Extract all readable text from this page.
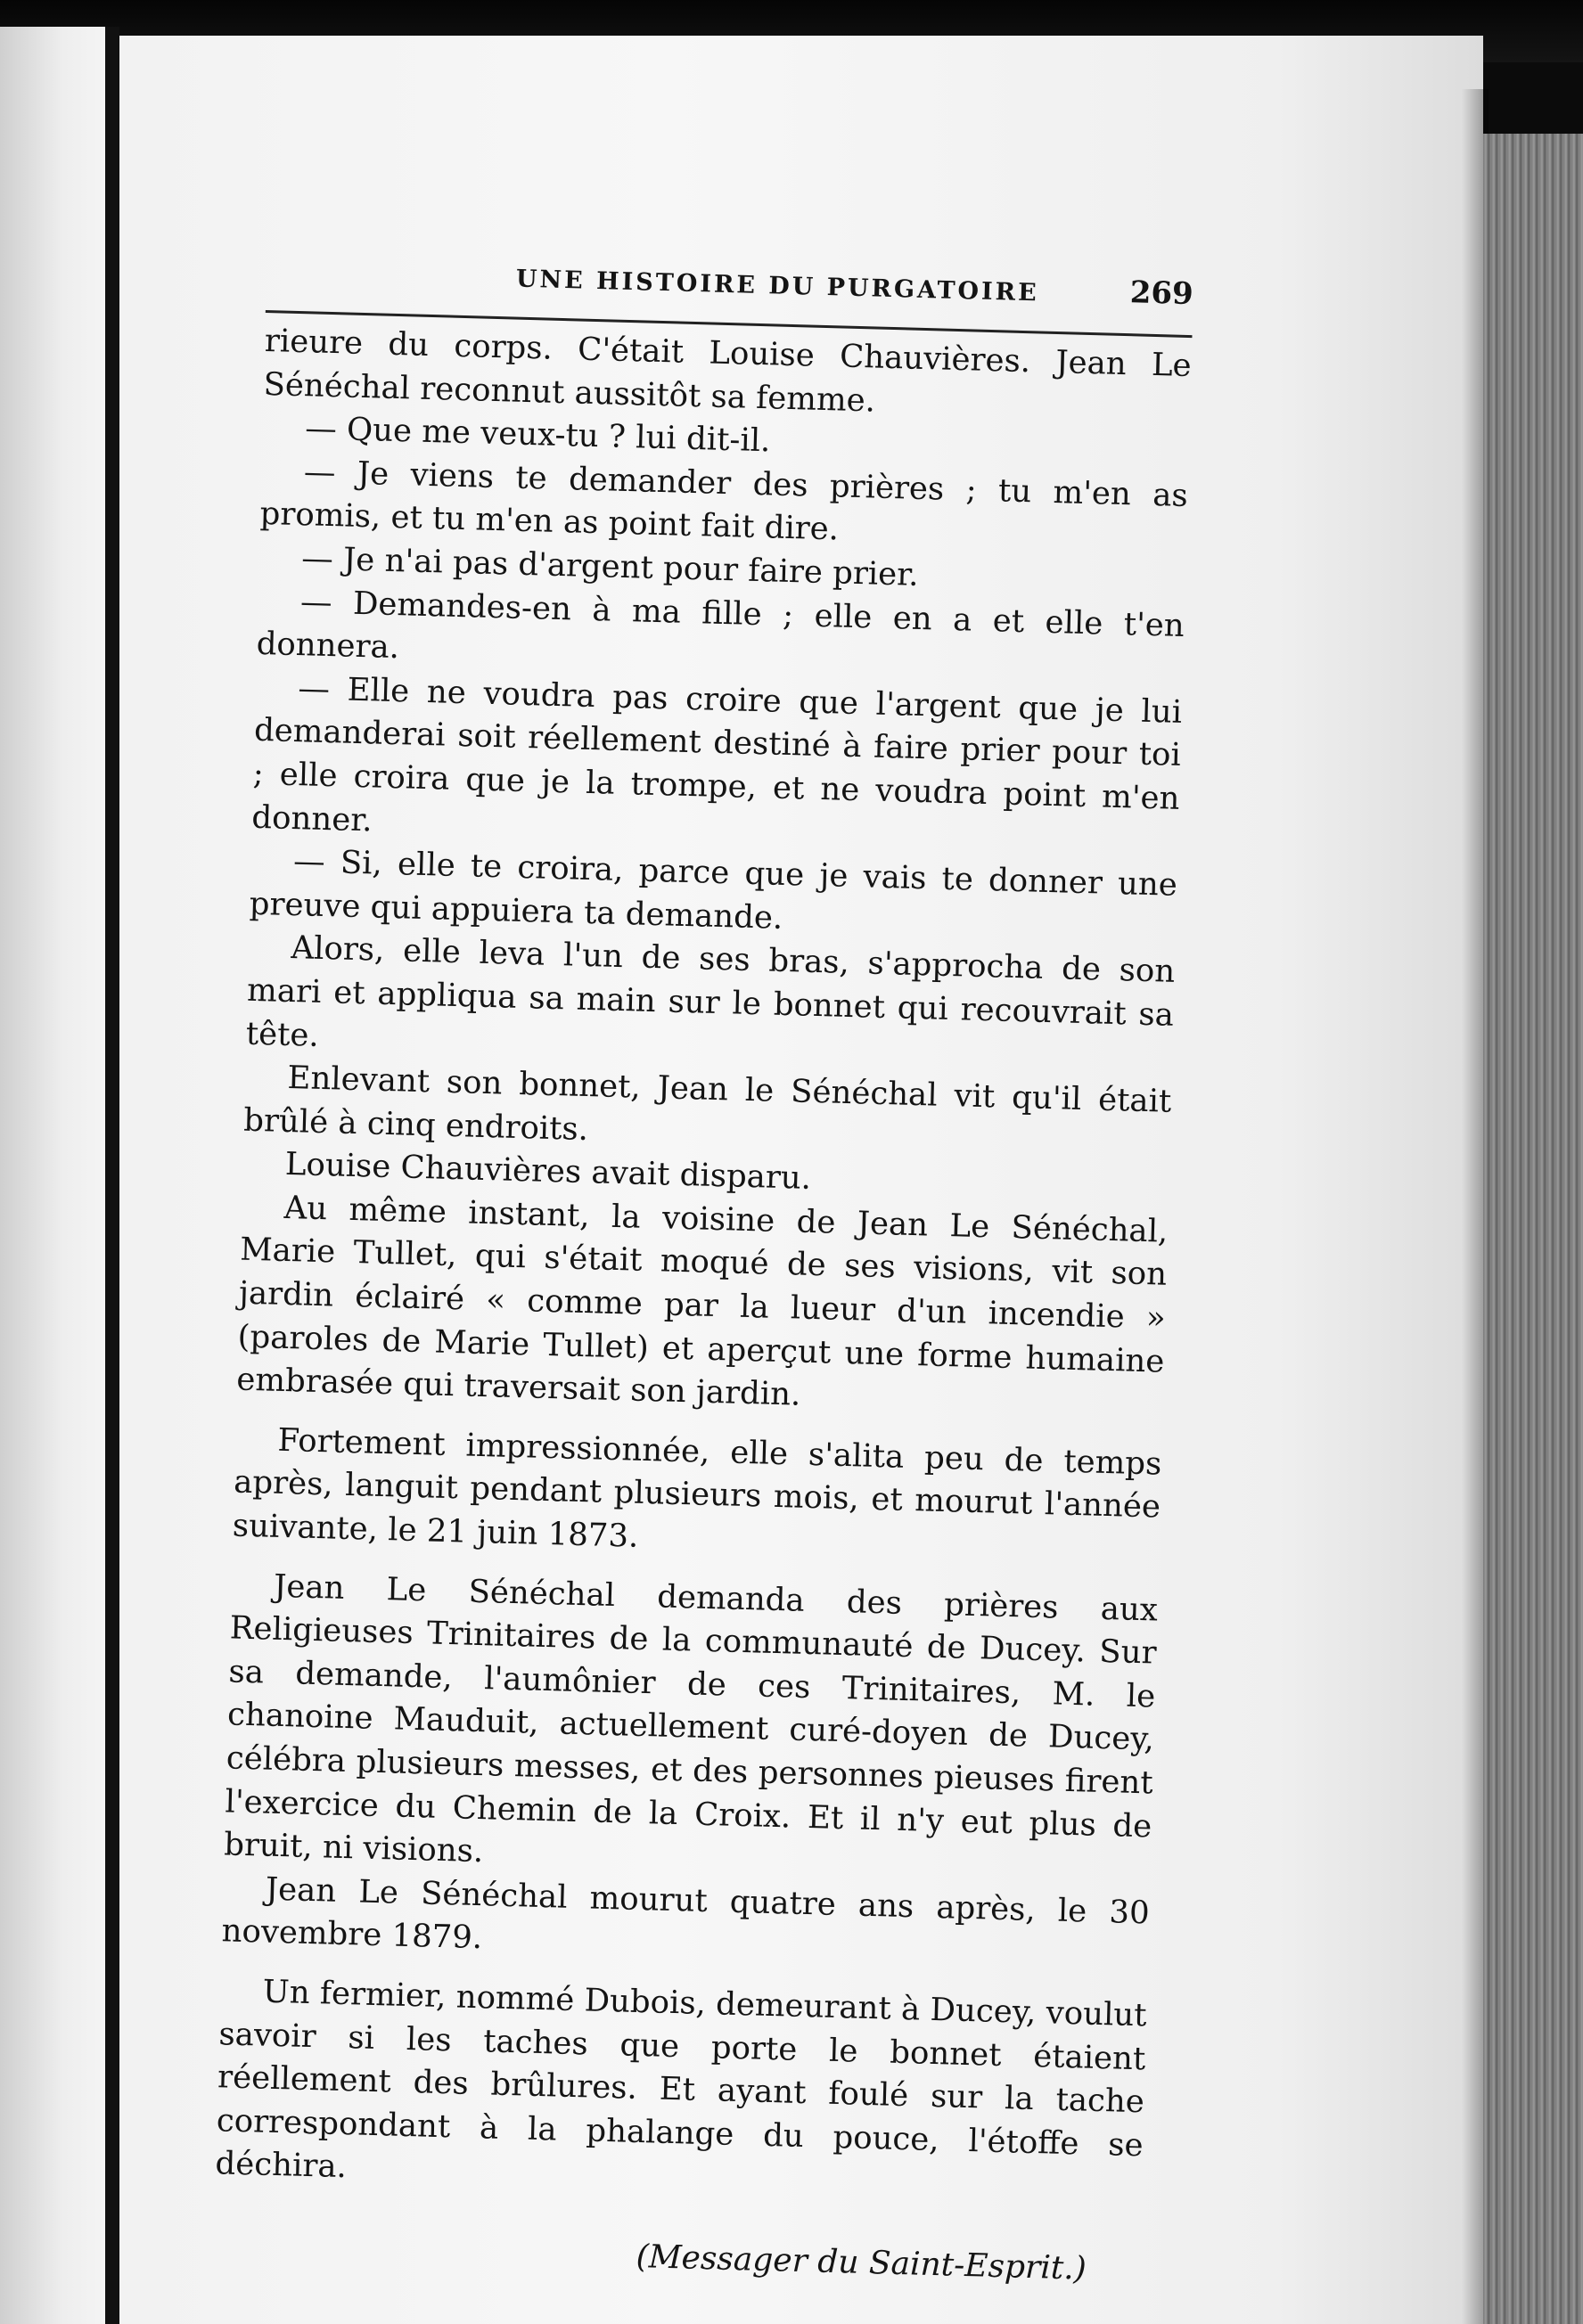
UNE HISTOIRE DU PURGATOIRE	269

rieure du corps. C'était Louise Chauvières. Jean Le Sénéchal reconnut aussitôt sa femme.

— Que me veux-tu ? lui dit-il.

— Je viens te demander des prières ; tu m'en as promis, et tu m'en as point fait dire.

— Je n'ai pas d'argent pour faire prier.

— Demandes-en à ma fille ; elle en a et elle t'en donnera.

— Elle ne voudra pas croire que l'argent que je lui demanderai soit réellement destiné à faire prier pour toi ; elle croira que je la trompe, et ne voudra point m'en donner.

— Si, elle te croira, parce que je vais te donner une preuve qui appuiera ta demande.

Alors, elle leva l'un de ses bras, s'approcha de son mari et appliqua sa main sur le bonnet qui recouvrait sa tête.

Enlevant son bonnet, Jean le Sénéchal vit qu'il était brûlé à cinq endroits.

Louise Chauvières avait disparu.

Au même instant, la voisine de Jean Le Sénéchal, Marie Tullet, qui s'était moqué de ses visions, vit son jardin éclairé « comme par la lueur d'un incendie » (paroles de Marie Tullet) et aperçut une forme humaine embrasée qui traversait son jardin.

Fortement impressionnée, elle s'alita peu de temps après, languit pendant plusieurs mois, et mourut l'année suivante, le 21 juin 1873.

Jean Le Sénéchal demanda des prières aux Religieuses Trinitaires de la communauté de Ducey. Sur sa demande, l'aumônier de ces Trinitaires, M. le chanoine Mauduit, actuellement curé-doyen de Ducey, célébra plusieurs messes, et des personnes pieuses firent l'exercice du Chemin de la Croix. Et il n'y eut plus de bruit, ni visions.

Jean Le Sénéchal mourut quatre ans après, le 30 novembre 1879.

Un fermier, nommé Dubois, demeurant à Ducey, voulut savoir si les taches que porte le bonnet étaient réellement des brûlures. Et ayant foulé sur la tache correspondant à la phalange du pouce, l'étoffe se déchira.

(Messager du Saint-Esprit.)
